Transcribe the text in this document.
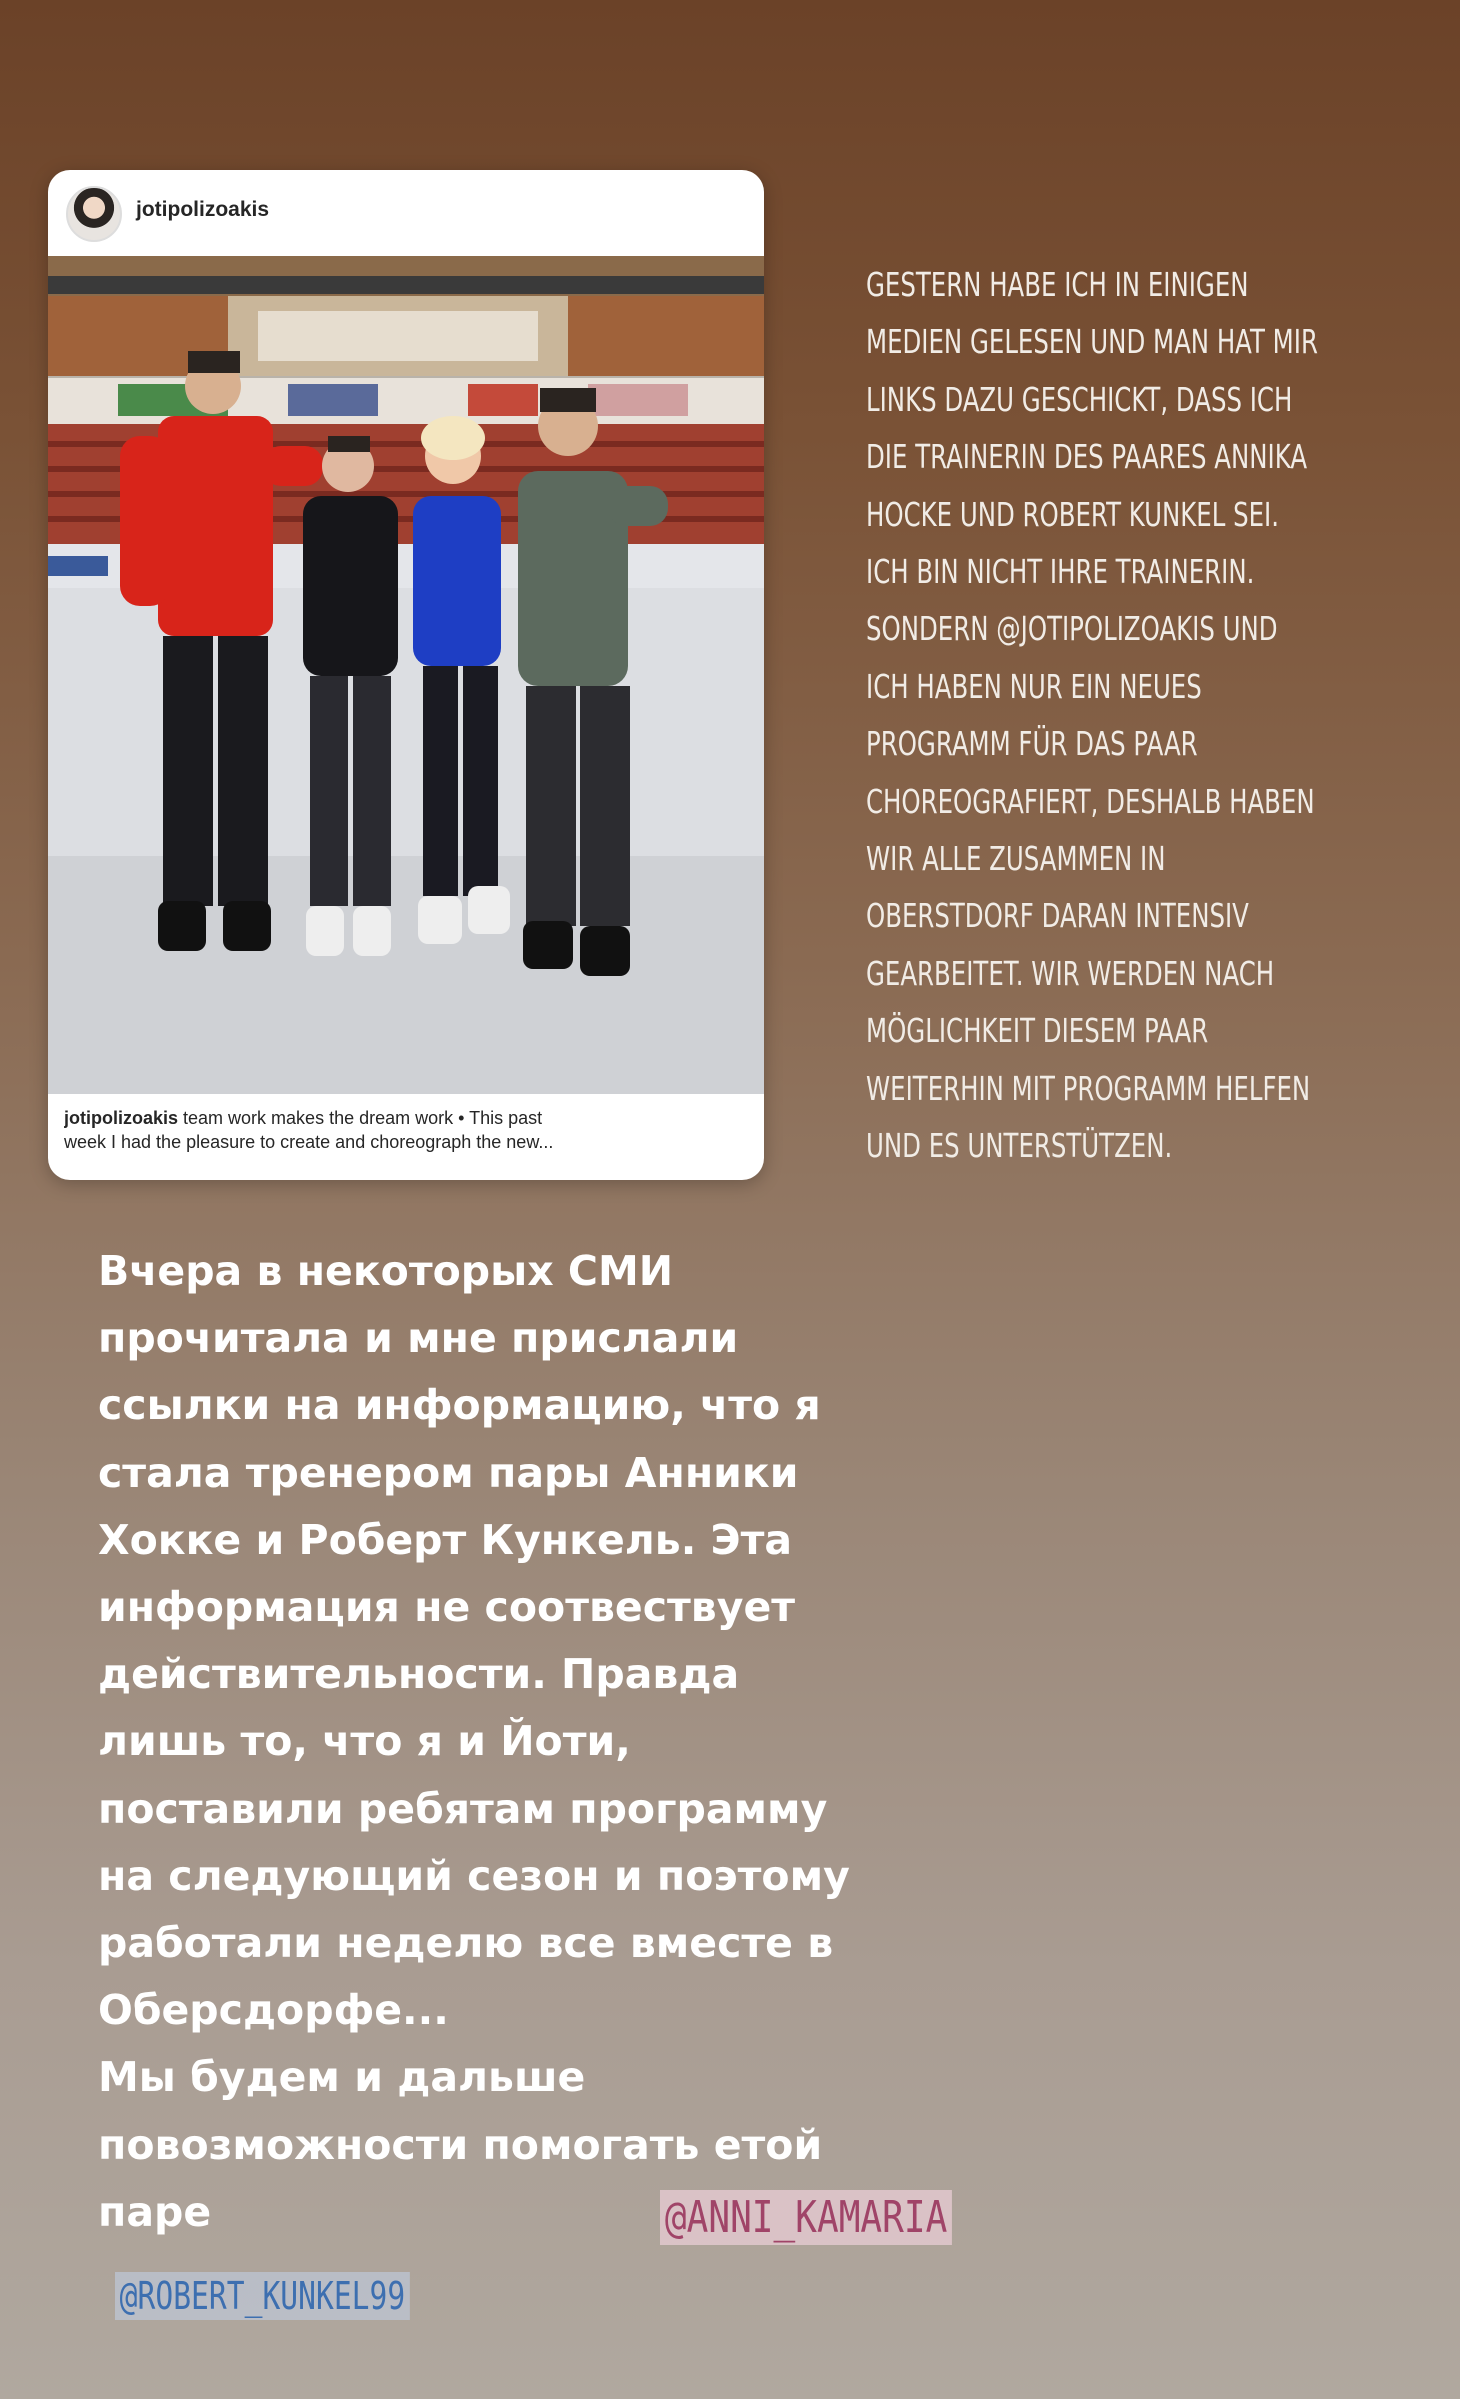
jotipolizoakis
jotipolizoakis team work makes the dream work • This past
week I had the pleasure to create and choreograph the new...
GESTERN HABE ICH IN EINIGEN
MEDIEN GELESEN UND MAN HAT MIR
LINKS DAZU GESCHICKT, DASS ICH
DIE TRAINERIN DES PAARES ANNIKA
HOCKE UND ROBERT KUNKEL SEI.
ICH BIN NICHT IHRE TRAINERIN.
SONDERN @JOTIPOLIZOAKIS UND
ICH HABEN NUR EIN NEUES
PROGRAMM FÜR DAS PAAR
CHOREOGRAFIERT, DESHALB HABEN
WIR ALLE ZUSAMMEN IN
OBERSTDORF DARAN INTENSIV
GEARBEITET. WIR WERDEN NACH
MÖGLICHKEIT DIESEM PAAR
WEITERHIN MIT PROGRAMM HELFEN
UND ES UNTERSTÜTZEN.
Вчера в некоторых СМИ
прочитала и мне прислали
ссылки на информацию, что я
стала тренером пары Анники
Хокке и Роберт Кункель. Эта
информация не соотвествует
действительности. Правда
лишь то, что я и Йоти,
поставили ребятам программу
на следующий сезон и поэтому
работали неделю все вместе в
Оберсдорфе...
Мы будем и дальше
повозможности помогать етой
паре	@ANNI_KAMARIA
@ROBERT_KUNKEL99
